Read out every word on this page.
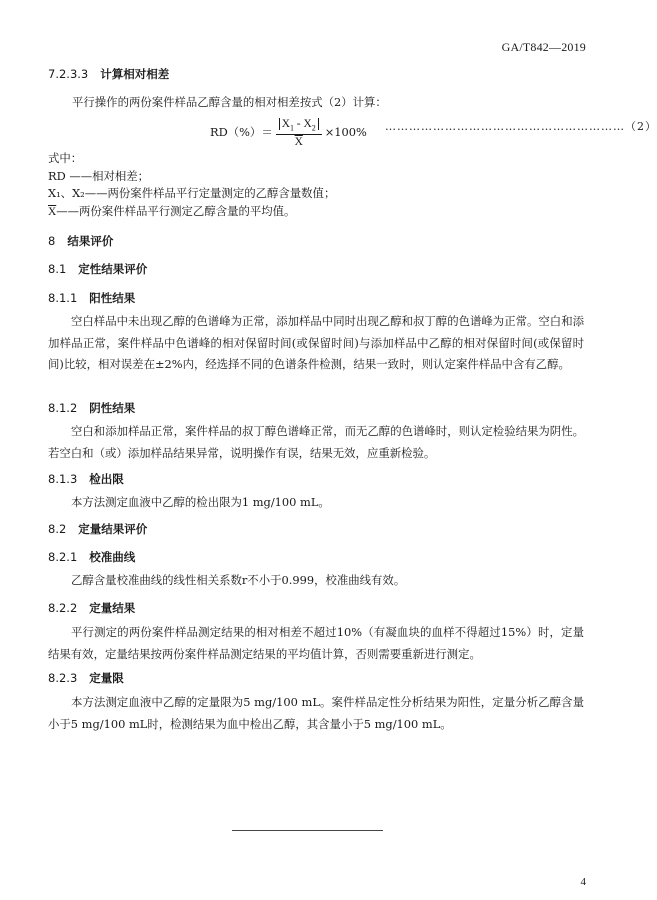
GA/T842—2019
7.2.3.3 计算相对相差
平行操作的两份案件样品乙醇含量的相对相差按式（2）计算：
$RD(\%)= \frac{X_1 - X_2}{X} \times 100\%$ ……………………………………………………（2）
式中：
RD ——相对相差；
X₁、X₂——两份案件样品平行定量测定的乙醇含量数值；
$\overline{X}——$两份案件样品平行测定乙醇含量的平均值。
8 结果评价
8.1 定性结果评价
8.1.1 阳性结果
空白样品中未出现乙醇的色谱峰为正常，添加样品中同时出现乙醇和叔丁醇的色谱峰为正常。空白和添加样品正常，案件样品中色谱峰的相对保留时间(或保留时间)与添加样品中乙醇的相对保留时间(或保留时间)比较，相对误差在±2%内，经选择不同的色谱条件检测，结果一致时，则认定案件样品中含有乙醇。
8.1.2 阴性结果
空白和添加样品正常，案件样品的叔丁醇色谱峰正常，而无乙醇的色谱峰时，则认定检验结果为阴性。若空白和（或）添加样品结果异常，说明操作有误，结果无效，应重新检验。
8.1.3 检出限
本方法测定血液中乙醇的检出限为1 mg/100 mL。
8.2 定量结果评价
8.2.1 校准曲线
乙醇含量校准曲线的线性相关系数r不小于0.999，校准曲线有效。
8.2.2 定量结果
平行测定的两份案件样品测定结果的相对相差不超过10%（有凝血块的血样不得超过15%）时，定量结果有效，定量结果按两份案件样品测定结果的平均值计算，否则需要重新进行测定。
8.2.3 定量限
本方法测定血液中乙醇的定量限为5 mg/100 mL。案件样品定性分析结果为阳性，定量分析乙醇含量小于5 mg/100 mL时，检测结果为血中检出乙醇，其含量小于5 mg/100 mL。
4
